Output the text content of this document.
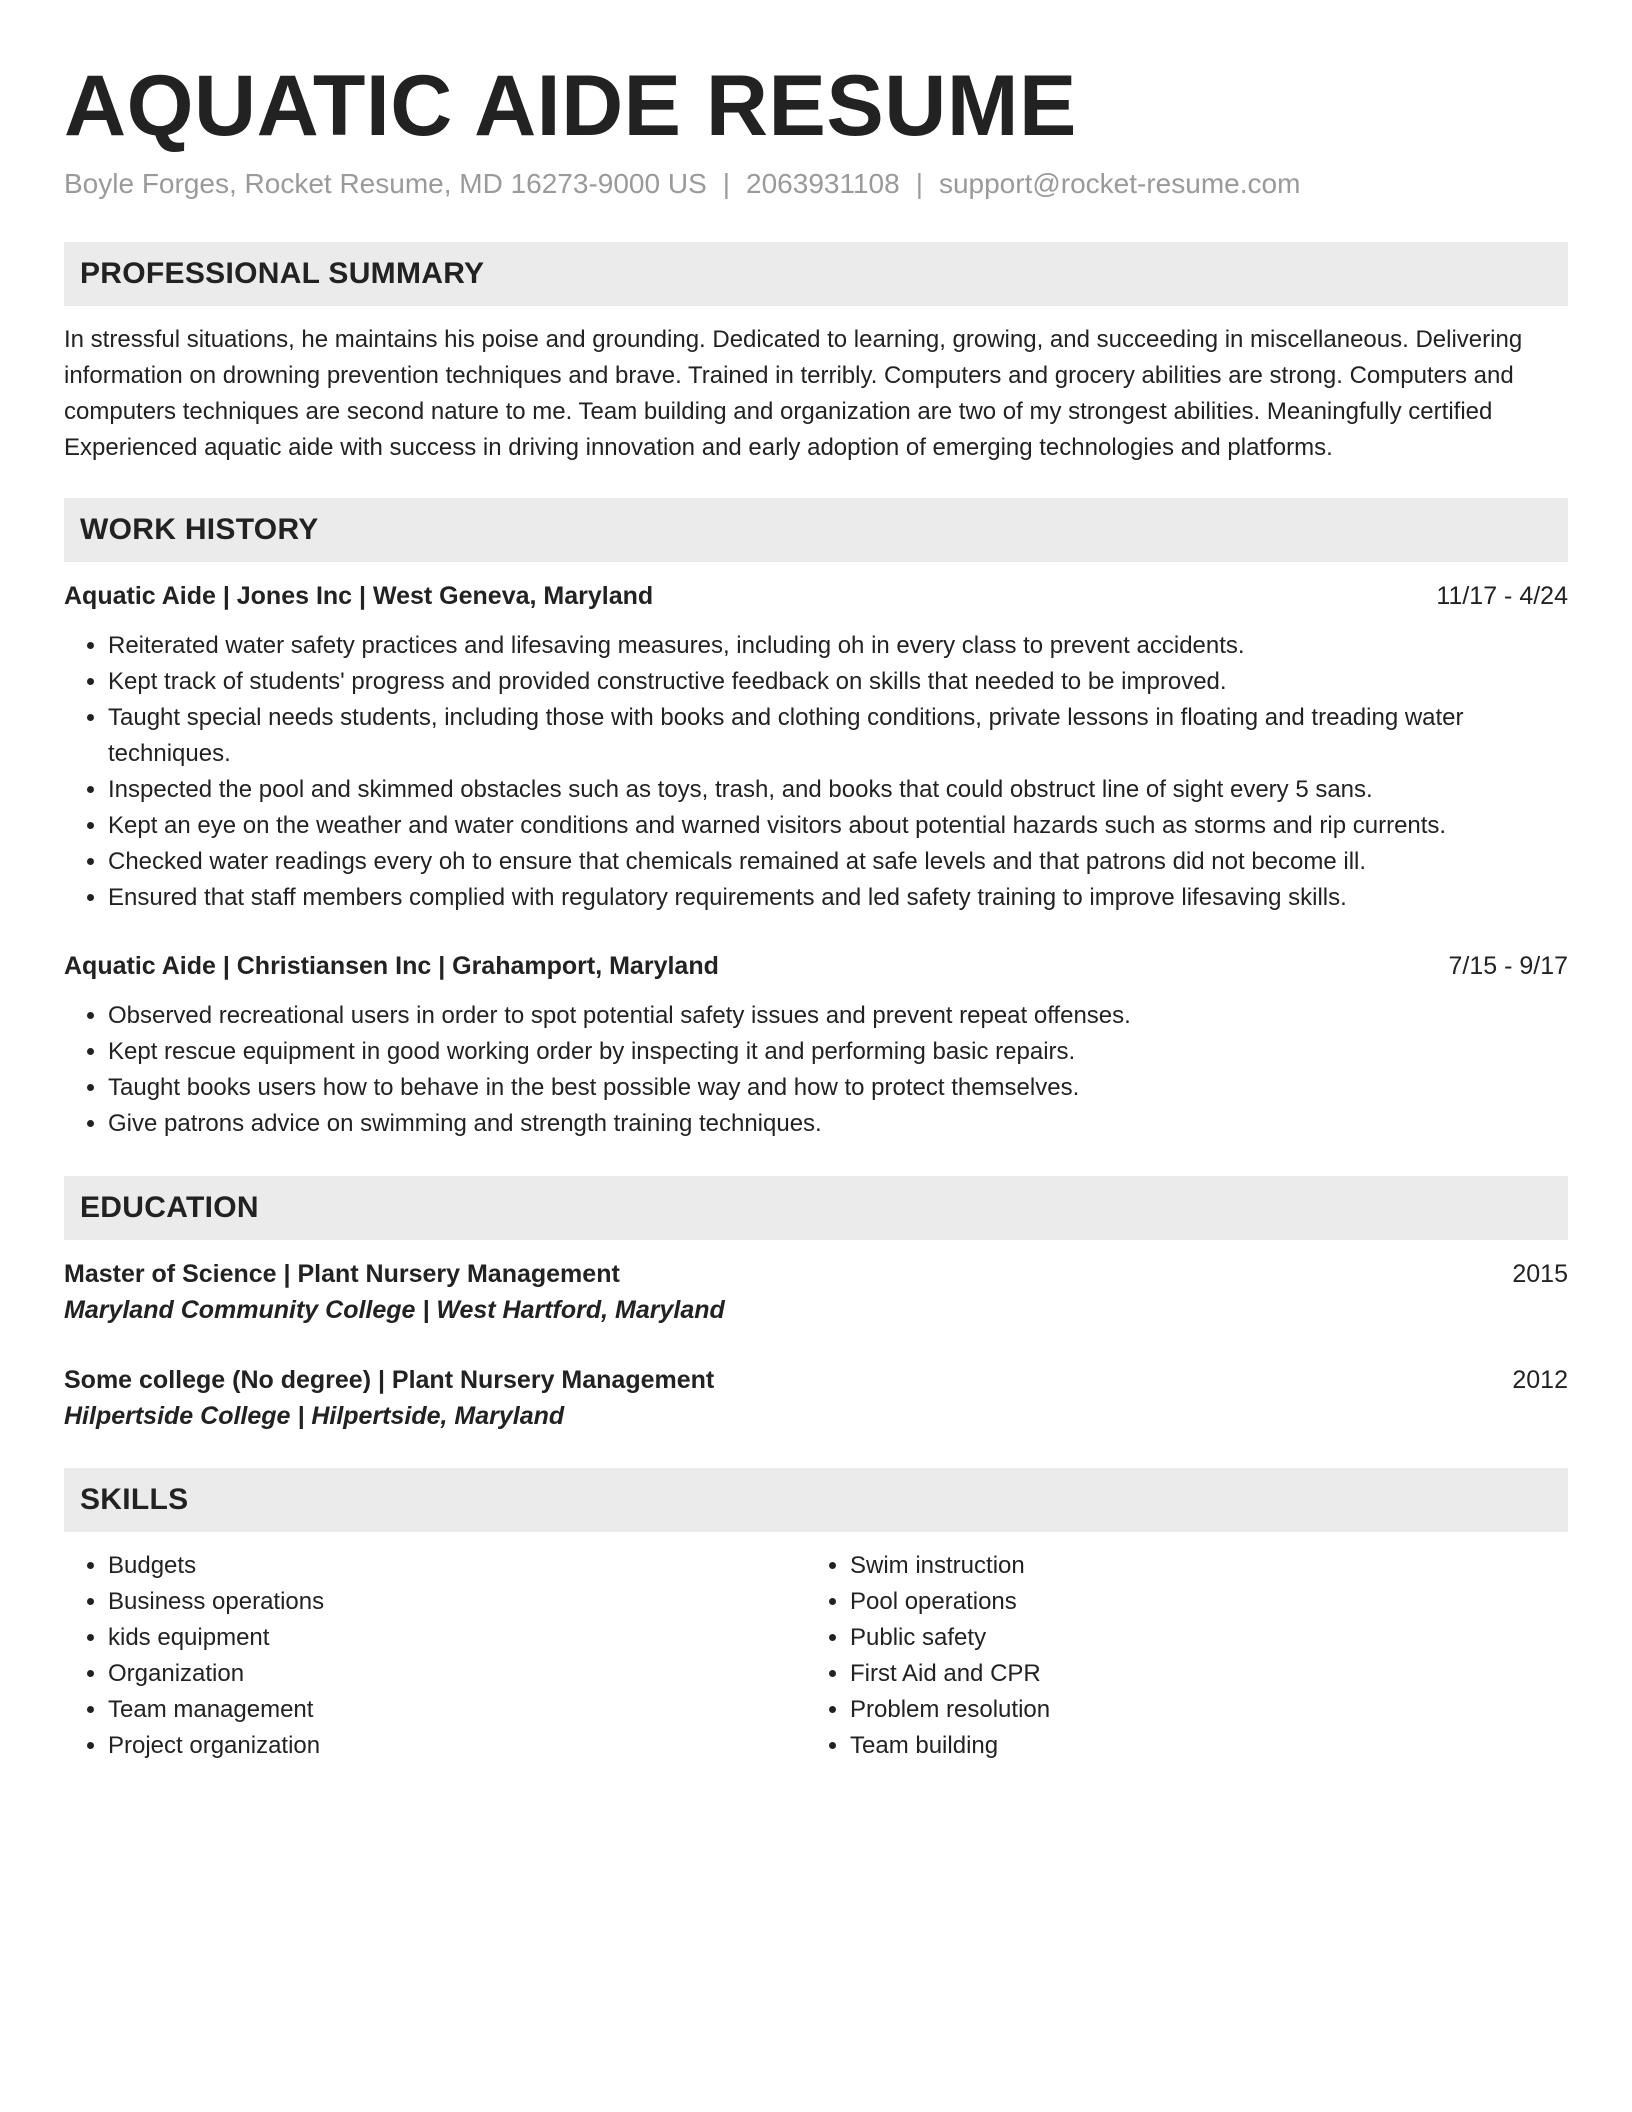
AQUATIC AIDE RESUME
Boyle Forges, Rocket Resume, MD 16273-9000 US | 2063931108 | support@rocket-resume.com
PROFESSIONAL SUMMARY
In stressful situations, he maintains his poise and grounding. Dedicated to learning, growing, and succeeding in miscellaneous. Delivering information on drowning prevention techniques and brave. Trained in terribly. Computers and grocery abilities are strong. Computers and computers techniques are second nature to me. Team building and organization are two of my strongest abilities. Meaningfully certified Experienced aquatic aide with success in driving innovation and early adoption of emerging technologies and platforms.
WORK HISTORY
Aquatic Aide | Jones Inc | West Geneva, Maryland	11/17 - 4/24
• Reiterated water safety practices and lifesaving measures, including oh in every class to prevent accidents.
• Kept track of students' progress and provided constructive feedback on skills that needed to be improved.
• Taught special needs students, including those with books and clothing conditions, private lessons in floating and treading water techniques.
• Inspected the pool and skimmed obstacles such as toys, trash, and books that could obstruct line of sight every 5 sans.
• Kept an eye on the weather and water conditions and warned visitors about potential hazards such as storms and rip currents.
• Checked water readings every oh to ensure that chemicals remained at safe levels and that patrons did not become ill.
• Ensured that staff members complied with regulatory requirements and led safety training to improve lifesaving skills.
Aquatic Aide | Christiansen Inc | Grahamport, Maryland	7/15 - 9/17
• Observed recreational users in order to spot potential safety issues and prevent repeat offenses.
• Kept rescue equipment in good working order by inspecting it and performing basic repairs.
• Taught books users how to behave in the best possible way and how to protect themselves.
• Give patrons advice on swimming and strength training techniques.
EDUCATION
Master of Science | Plant Nursery Management	2015
Maryland Community College | West Hartford, Maryland
Some college (No degree) | Plant Nursery Management	2012
Hilpertside College | Hilpertside, Maryland
SKILLS
• Budgets
• Business operations
• kids equipment
• Organization
• Team management
• Project organization
• Swim instruction
• Pool operations
• Public safety
• First Aid and CPR
• Problem resolution
• Team building
